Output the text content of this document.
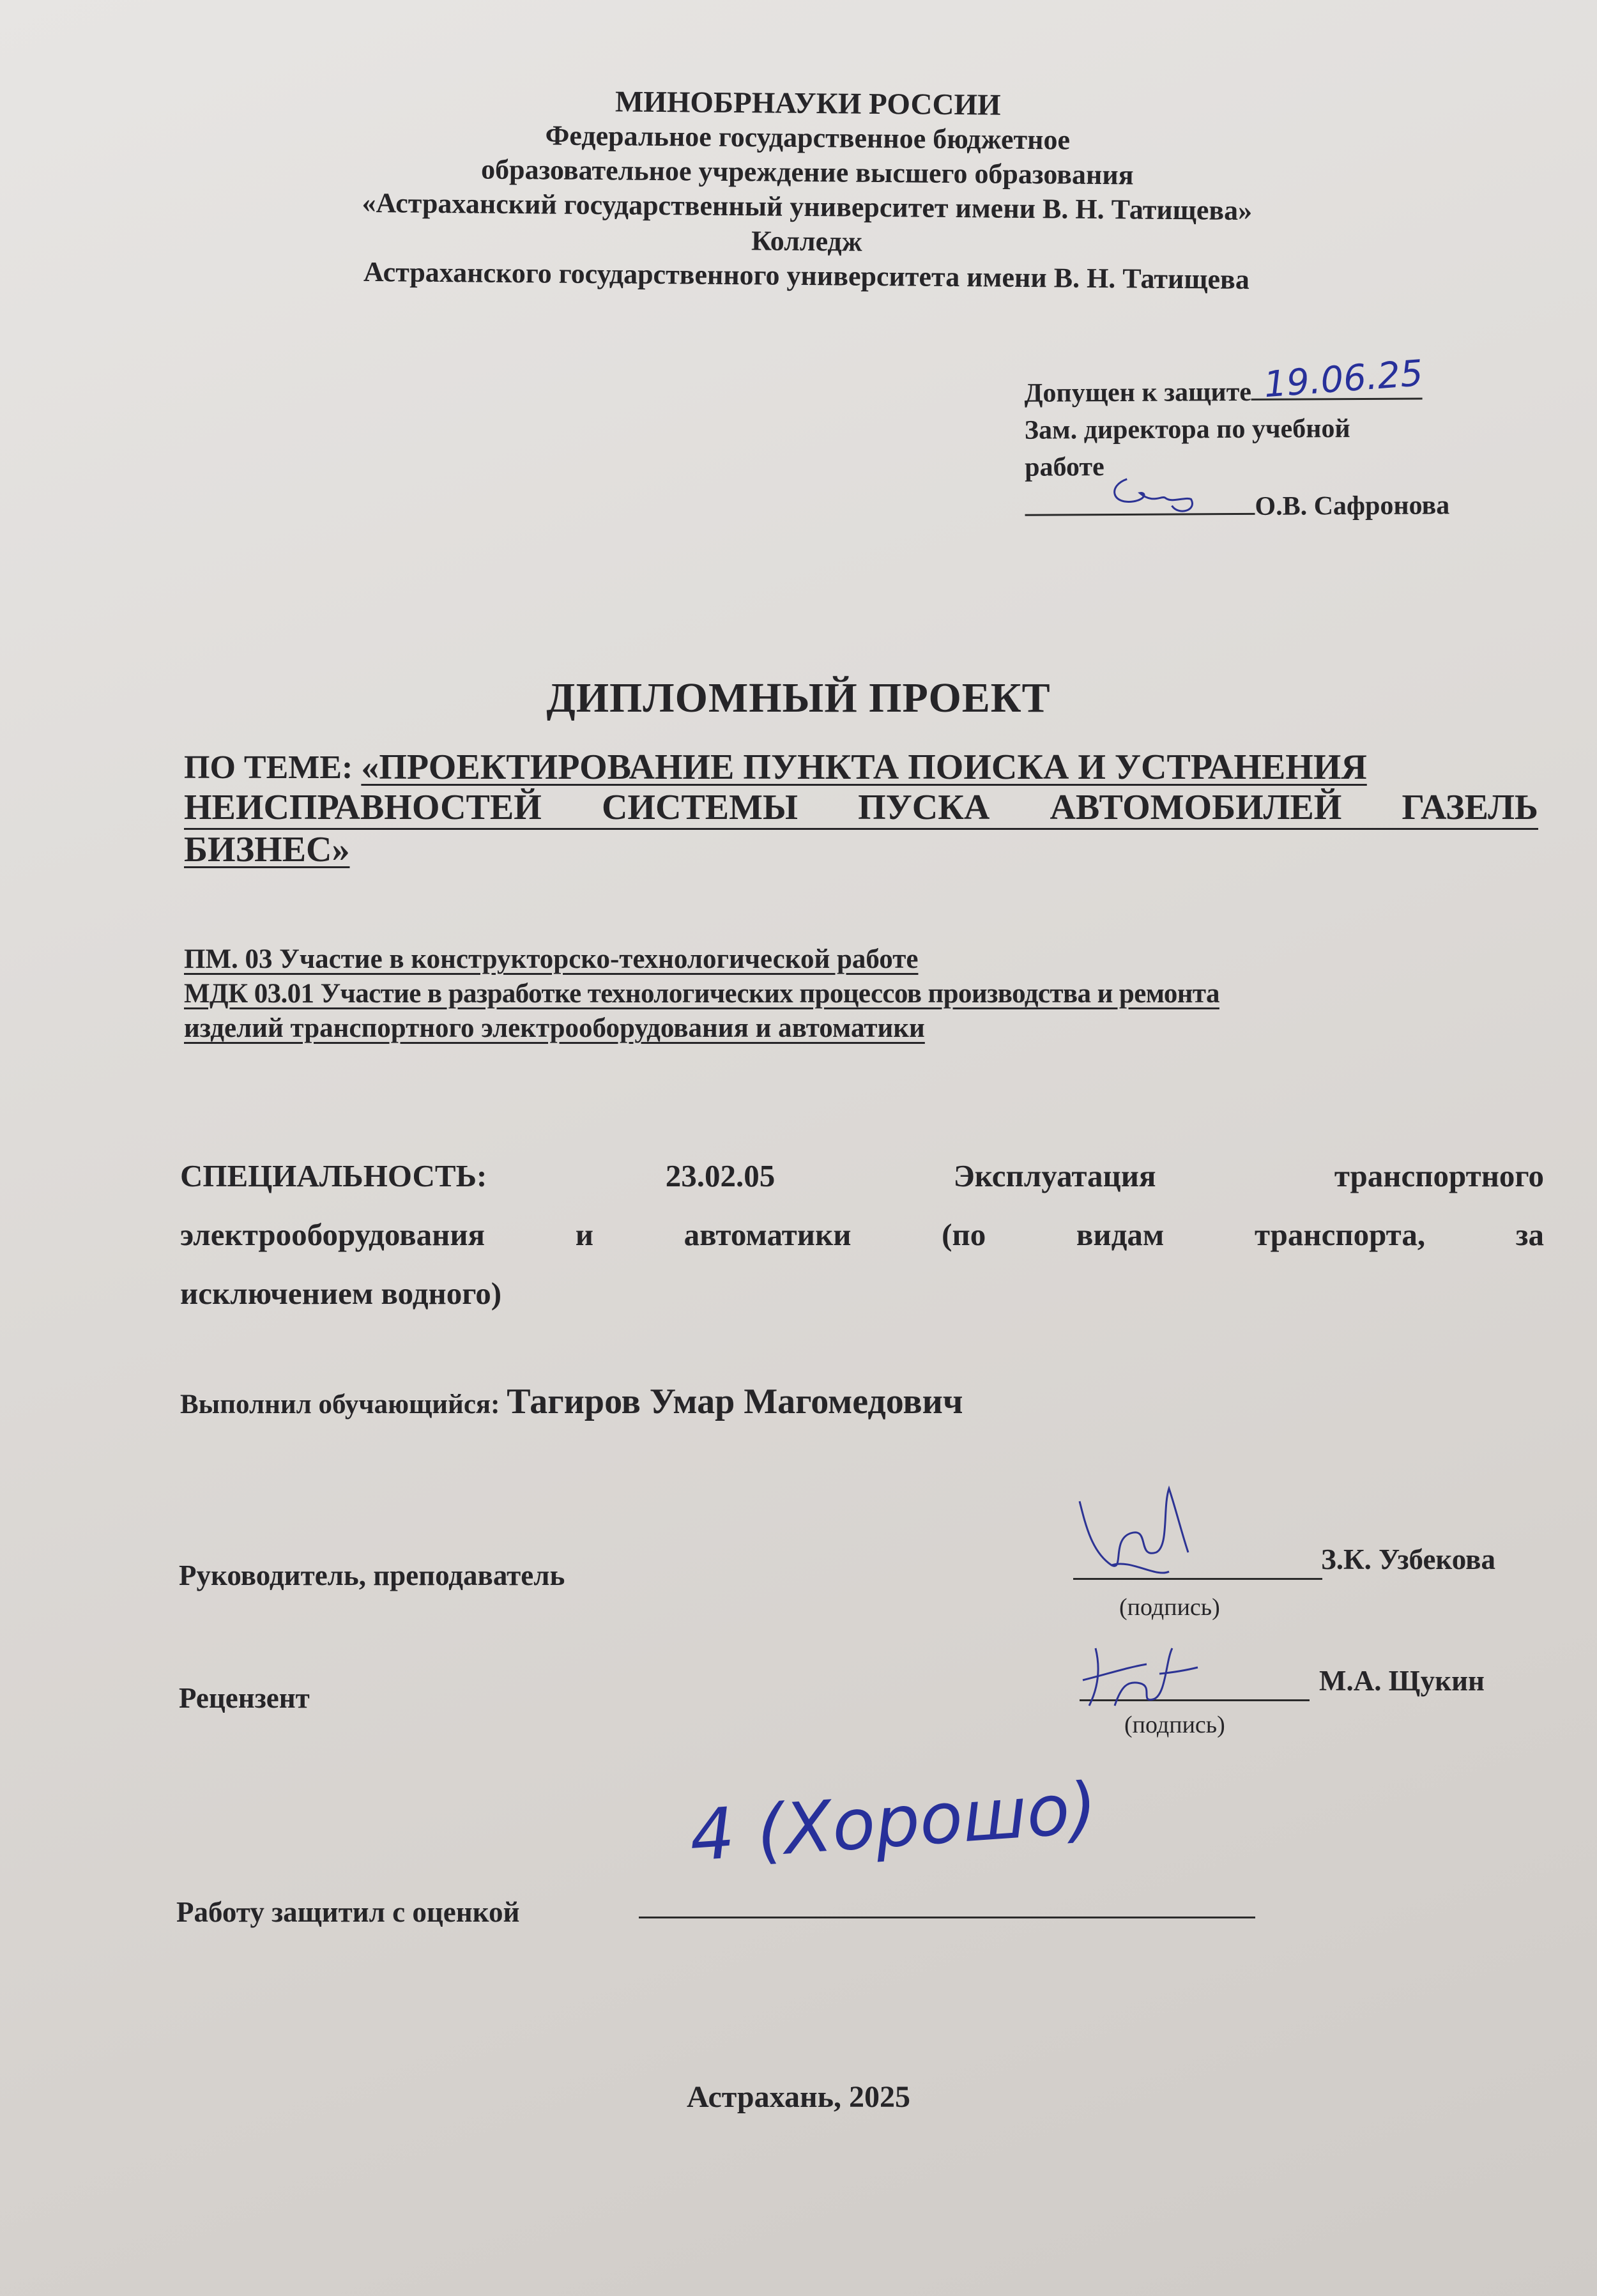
МИНОБРНАУКИ РОССИИ
Федеральное государственное бюджетное
образовательное учреждение высшего образования
«Астраханский государственный университет имени В. Н. Татищева»
Колледж
Астраханского государственного университета имени В. Н. Татищева
Допущен к защите 19.06.25
Зам. директора по учебной
работе
О.В. Сафронова
ДИПЛОМНЫЙ ПРОЕКТ
ПО ТЕМЕ:
«ПРОЕКТИРОВАНИЕ ПУНКТА ПОИСКА И УСТРАНЕНИЯ
НЕИСПРАВНОСТЕЙ СИСТЕМЫ ПУСКА АВТОМОБИЛЕЙ ГАЗЕЛЬ
БИЗНЕС»
ПМ. 03 Участие в конструкторско-технологической работе
МДК 03.01 Участие в разработке технологических процессов производства и ремонта
изделий транспортного электрооборудования и автоматики
СПЕЦИАЛЬНОСТЬ:	23.02.05	Эксплуатация	транспортного
электрооборудования	и	автоматики	(по	видам	транспорта,	за
исключением водного)
Выполнил обучающийся: Тагиров Умар Магомедович
Руководитель, преподаватель	З.К. Узбекова
(подпись)
Рецензент
М.А. Щукин
(подпись)
Работу защитил с оценкой
4 (Хорошо)
Астрахань, 2025
